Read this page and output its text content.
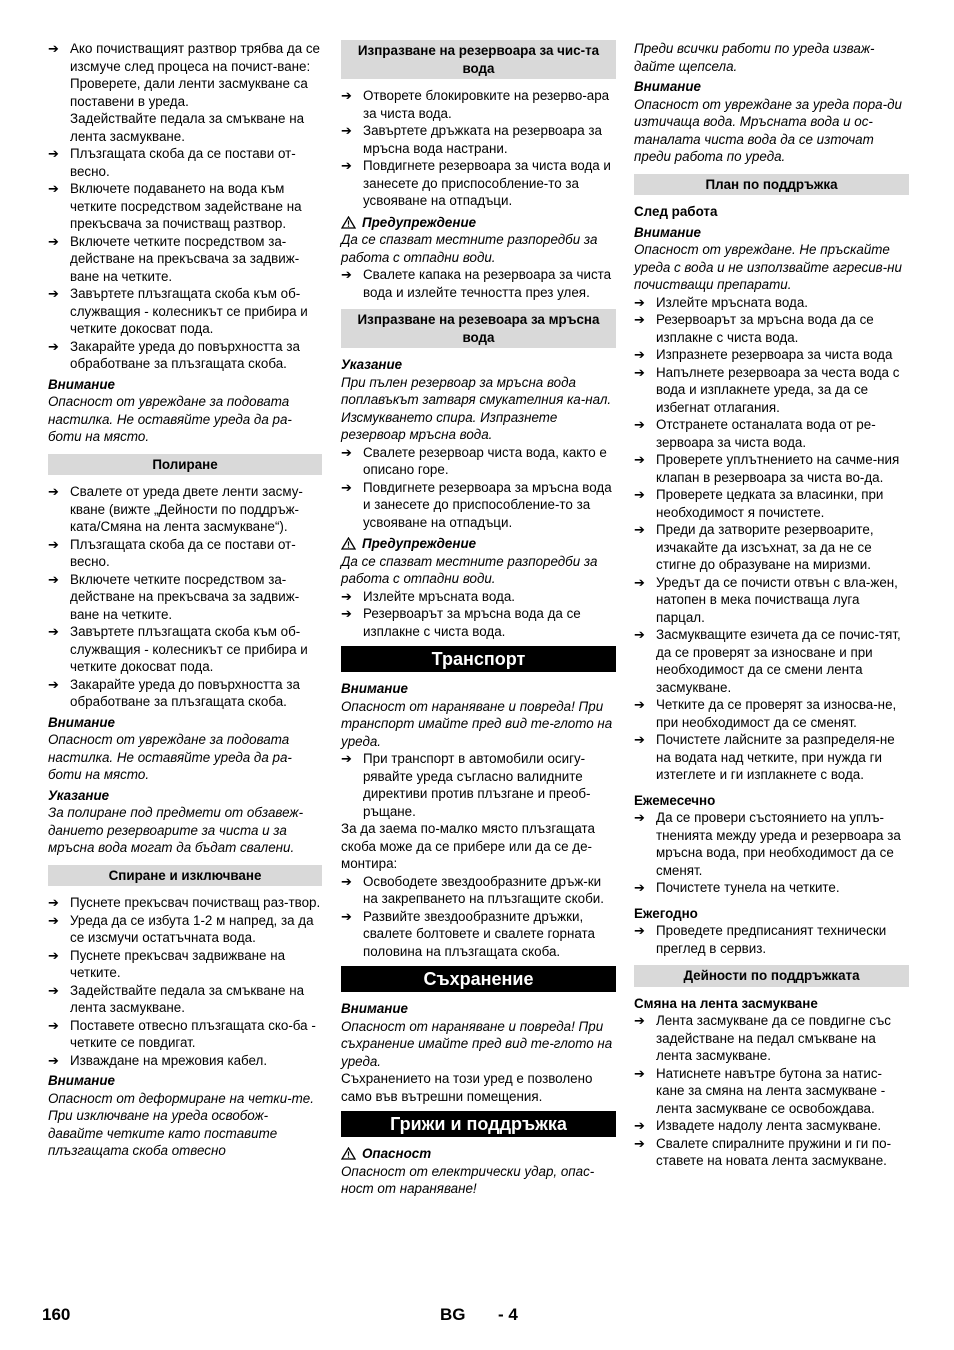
➔ Ако почистващият разтвор трябва да се изсмуче след процеса на почист-ване:
Проверете, дали ленти засмукване са поставени в уреда.
Задействайте педала за смъкване на лента засмукване.
➔ Плъзгащата скоба да се постави от-весно.
➔ Включете подаването на вода към четките посредством задействане на прекъсвача за почистващ разтвор.
➔ Включете четките посредством за-действане на прекъсвача за задвиж-ване на четките.
➔ Завъртете плъзгащата скоба към об-служващия - колесникът се прибира и четките докосват пода.
➔ Закарайте уреда до повърхността за обработване за плъзгащата скоба.
Внимание
Опасност от увреждане за подовата настилка. Не оставяйте уреда да ра-боти на място.
Полиране
➔ Свалете от уреда двете ленти засму-кване (вижте „Дейности по поддръж-ката/Смяна на лента засмукване“).
➔ Плъзгащата скоба да се постави от-весно.
➔ Включете четките посредством за-действане на прекъсвача за задвиж-ване на четките.
➔ Завъртете плъзгащата скоба към об-служващия - колесникът се прибира и четките докосват пода.
➔ Закарайте уреда до повърхността за обработване за плъзгащата скоба.
Внимание
Опасност от увреждане за подовата настилка. Не оставяйте уреда да ра-боти на място.
Указание
За полиране под предмети от обзавеж-данието резервоарите за чиста и за мръсна вода могат да бъдат свалени.
Спиране и изключване
➔ Пуснете прекъсвач почистващ раз-твор.
➔ Уреда да се избута 1-2 м напред, за да се изсмучи остатъчната вода.
➔ Пуснете прекъсвач задвижване на четките.
➔ Задействайте педала за смъкване на лента засмукване.
➔ Поставете отвесно плъзгащата ско-ба - четките се повдигат.
➔ Изваждане на мрежовия кабел.
Внимание
Опасност от деформиране на четки-те. При изключване на уреда освобож-давайте четките като поставите плъзгащата скоба отвесно
Изпразване на резервоара за чис-та вода
➔ Отворете блокировките на резерво-ара за чиста вода.
➔ Завъртете дръжката на резервоара за мръсна вода настрани.
➔ Повдигнете резервоара за чиста вода и занесете до приспособление-то за усвояване на отпадъци.
Предупреждение
Да се спазват местните разпоредби за работа с отпадни води.
➔ Свалете капака на резервоара за чиста вода и излейте течността през улея.
Изпразване на резевоара за мръсна вода
Указание
При пълен резервоар за мръсна вода поплавъкът затваря смукателния ка-нал. Изсмукването спира. Изпразнете резервоар мръсна вода.
➔ Свалете резервоар чиста вода, както е описано горе.
➔ Повдигнете резервоара за мръсна вода и занесете до приспособление-то за усвояване на отпадъци.
Предупреждение
Да се спазват местните разпоредби за работа с отпадни води.
➔ Излейте мръсната вода.
➔ Резервоарът за мръсна вода да се изплакне с чиста вода.
Транспорт
Внимание
Опасност от нараняване и повреда! При транспорт имайте пред вид те-глото на уреда.
➔ При транспорт в автомобили осигу-рявайте уреда съгласно валидните директиви против плъзгане и преоб-ръщане.
За да заема по-малко място плъзгащата скоба може да се прибере или да се де-монтира:
➔ Освободете звездообразните дръж-ки на закрепването на плъзгащите скоби.
➔ Развийте звездообразните дръжки, свалете болтовете и свалете горната половина на плъзгащата скоба.
Съхранение
Внимание
Опасност от нараняване и повреда! При съхранение имайте пред вид те-глото на уреда.
Съхранението на този уред е позволено само във вътрешни помещения.
Грижи и поддръжка
Опасност
Опасност от електрически удар, опас-ност от нараняване!
Преди всички работи по уреда изваж-дайте щепсела.
Внимание
Опасност от увреждане за уреда пора-ди изтичаща вода. Мръсната вода и ос-таналата чиста вода да се източат преди работа по уреда.
План по поддръжка
След работа
Внимание
Опасност от увреждане. Не пръскайте уреда с вода и не използвайте агресив-ни почистващи препарати.
➔ Излейте мръсната вода.
➔ Резервоарът за мръсна вода да се изплакне с чиста вода.
➔ Изпразнете резервоара за чиста вода
➔ Напълнете резервоара за честа вода с вода и изплакнете уреда, за да се избегнат отлагания.
➔ Отстранете останалата вода от ре-зервоара за чиста вода.
➔ Проверете уплътнението на сачме-ния клапан в резервоара за чиста во-да.
➔ Проверете цедката за власинки, при необходимост я почистете.
➔ Преди да затворите резервоарите, изчакайте да изсъхнат, за да не се стигне до образуване на миризми.
➔ Уредът да се почисти отвън с вла-жен, натопен в мека почистваща луга парцал.
➔ Засмукващите езичета да се почис-тят, да се проверят за износване и при необходимост да се смени лента засмукване.
➔ Четките да се проверят за износва-не, при необходимост да се сменят.
➔ Почистете лайсните за разпределя-не на водата над четките, при нужда ги изтеглете и ги изплакнете с вода.
Ежемесечно
➔ Да се провери състоянието на уплъ-тненията между уреда и резервоара за мръсна вода, при необходимост да се сменят.
➔ Почистете тунела на четките.
Ежегодно
➔ Проведете предписаният технически преглед в сервиз.
Дейности по поддръжката
Смяна на лента засмукване
➔ Лента засмукване да се повдигне със задействане на педал смъкване на лента засмукване.
➔ Натиснете навътре бутона за натис-кане за смяна на лента засмукване - лента засмукване се освобождава.
➔ Извадете надолу лента засмукване.
➔ Свалете спиралните пружини и ги по-ставете на новата лента засмукване.
160	BG - 4
